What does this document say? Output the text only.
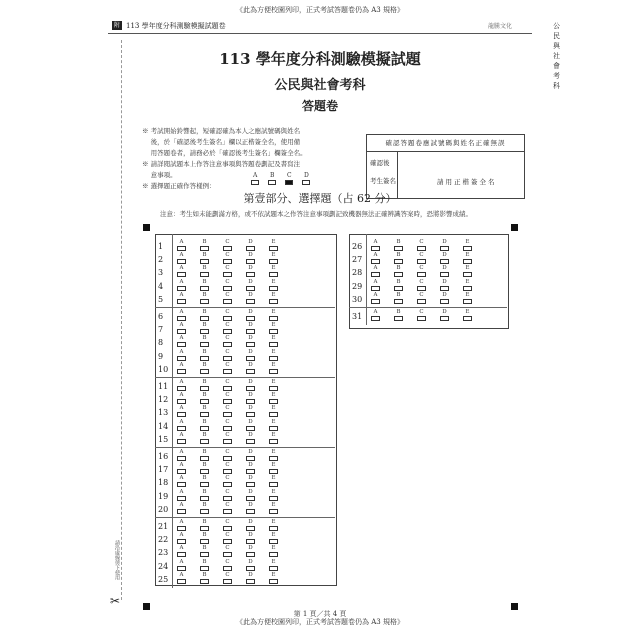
《此為方便校園列印，正式考試答題卷仍為 A3 規格》
附 113 學年度分科測驗模擬試題卷	龍騰文化	公民與社會考科
113 學年度分科測驗模擬試題
公民與社會考科
答題卷
※ 考試開始鈴響起，短確認確為本人之應試號碼與姓名
　 後，於「確認後考生簽名」欄以正楷簽全名，使用備
　 用答題卷者，請務必於「確認後考生簽名」欄簽全名。
※ 請詳閱試題本上作答注意事項與答題卷劃記及書寫注
　 意事項。
※ 選擇題正確作答樣例：
A B C D
確認答題卷應試號碼與姓名正確無誤
確認後
考生簽名	請用正楷簽全名
第壹部分、選擇題（占 62 分）
注意：考生如未能劃滿方格，或不依試題本之作答注意事項劃記致機器無法正確辨識答案時，恐將影響成績。
1	A	B	C	D	E
2	A	B	C	D	E
3	A	B	C	D	E
4	A	B	C	D	E
5	A	B	C	D	E
6	A	B	C	D	E
7	A	B	C	D	E
8	A	B	C	D	E
9	A	B	C	D	E
10	A	B	C	D	E
11	A	B	C	D	E
12	A	B	C	D	E
13	A	B	C	D	E
14	A	B	C	D	E
15	A	B	C	D	E
16	A	B	C	D	E
17	A	B	C	D	E
18	A	B	C	D	E
19	A	B	C	D	E
20	A	B	C	D	E
21	A	B	C	D	E
22	A	B	C	D	E
23	A	B	C	D	E
24	A	B	C	D	E
25	A	B	C	D	E
26	A	B	C	D	E
27	A	B	C	D	E
28	A	B	C	D	E
29	A	B	C	D	E
30	A	B	C	D	E
31	A	B	C	D	E
請沿虛線剪下使用
✂
第 1 頁／共 4 頁
《此為方便校園列印，正式考試答題卷仍為 A3 規格》
